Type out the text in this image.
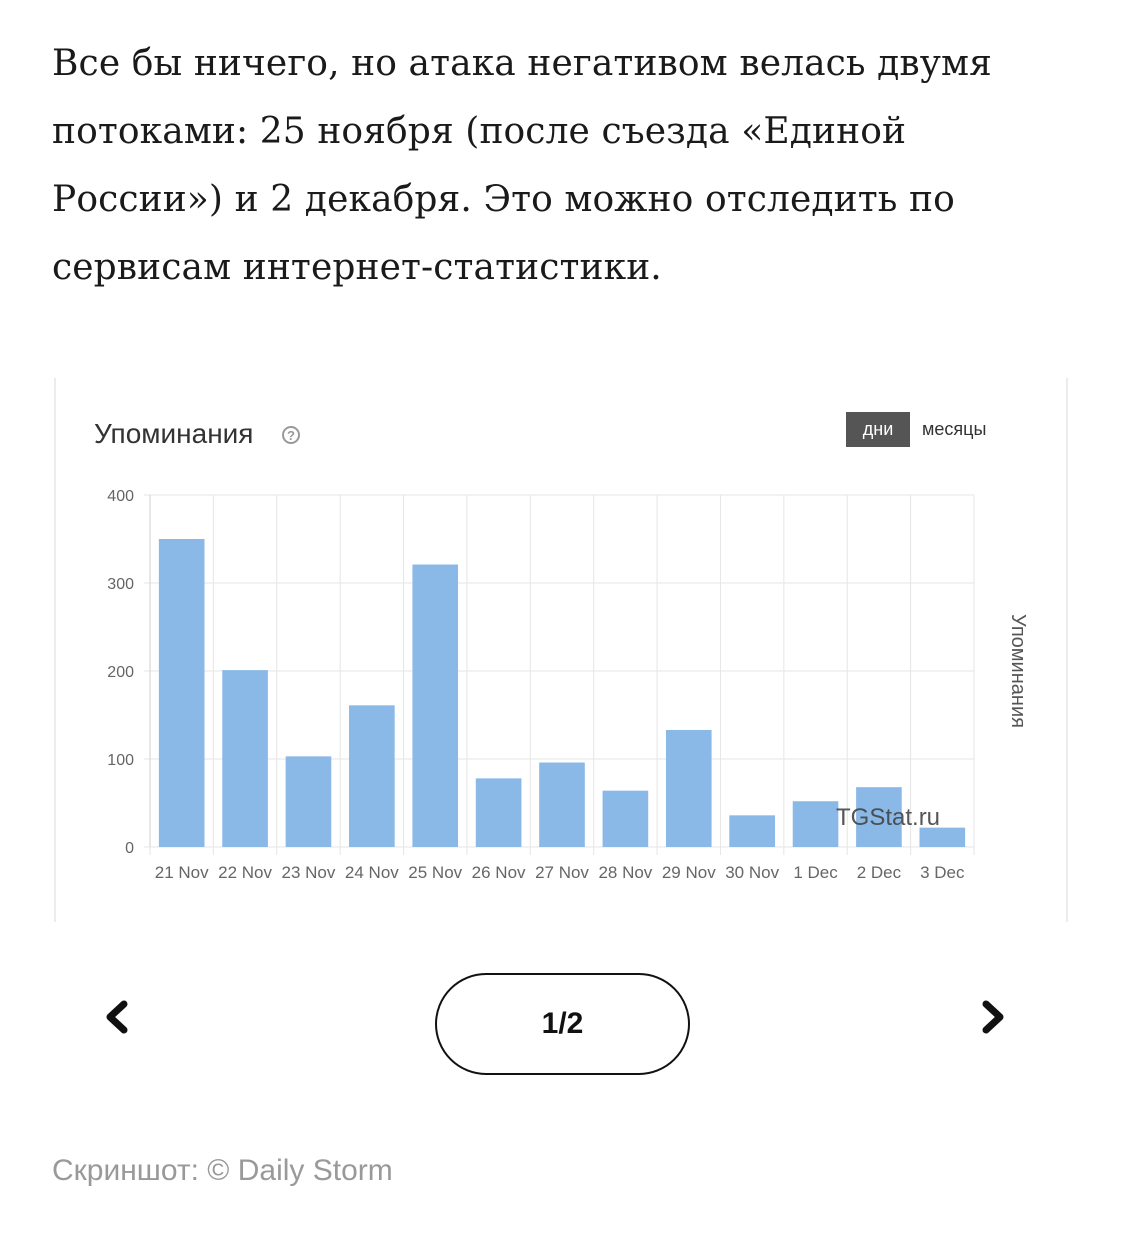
Все бы ничего, но атака негативом велась двумя потоками: 25 ноября (после съезда «Единой России») и 2 декабря. Это можно отследить по сервисам интернет-статистики.

Упоминания	?	дни	месяцы
0
100
200
300
400
21 Nov 22 Nov 23 Nov 24 Nov 25 Nov 26 Nov 27 Nov 28 Nov 29 Nov 30 Nov 1 Dec 2 Dec 3 Dec
Упоминания
TGStat.ru
1/2
Скриншот: © Daily Storm
